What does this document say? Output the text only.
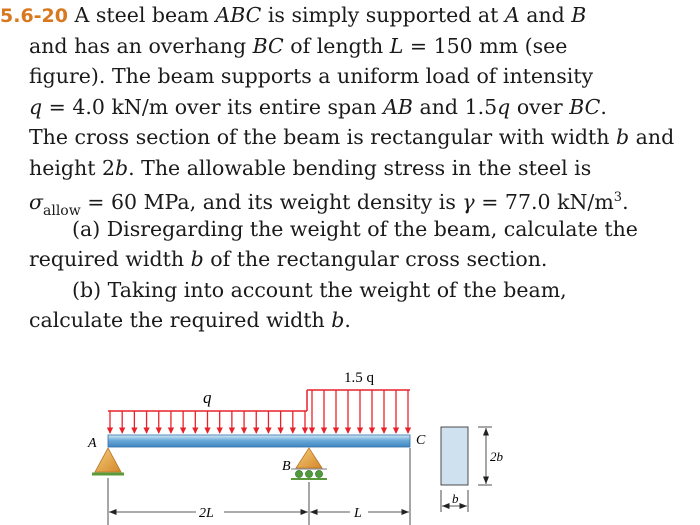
5.6-20 A steel beam ABC is simply supported at A and B
and has an overhang BC of length L = 150 mm (see
figure). The beam supports a uniform load of intensity
q = 4.0 kN/m over its entire span AB and 1.5q over BC.
The cross section of the beam is rectangular with width b and
height 2b. The allowable bending stress in the steel is
$\sigma_{allow} = 60$ MPa, and its weight density is γ = 77.0 $kN/m^3$.
(a) Disregarding the weight of the beam, calculate the
required width b of the rectangular cross section.
(b) Taking into account the weight of the beam,
calculate the required width b.
q
1.5 q
A	C
B
2L	L
2b
b
